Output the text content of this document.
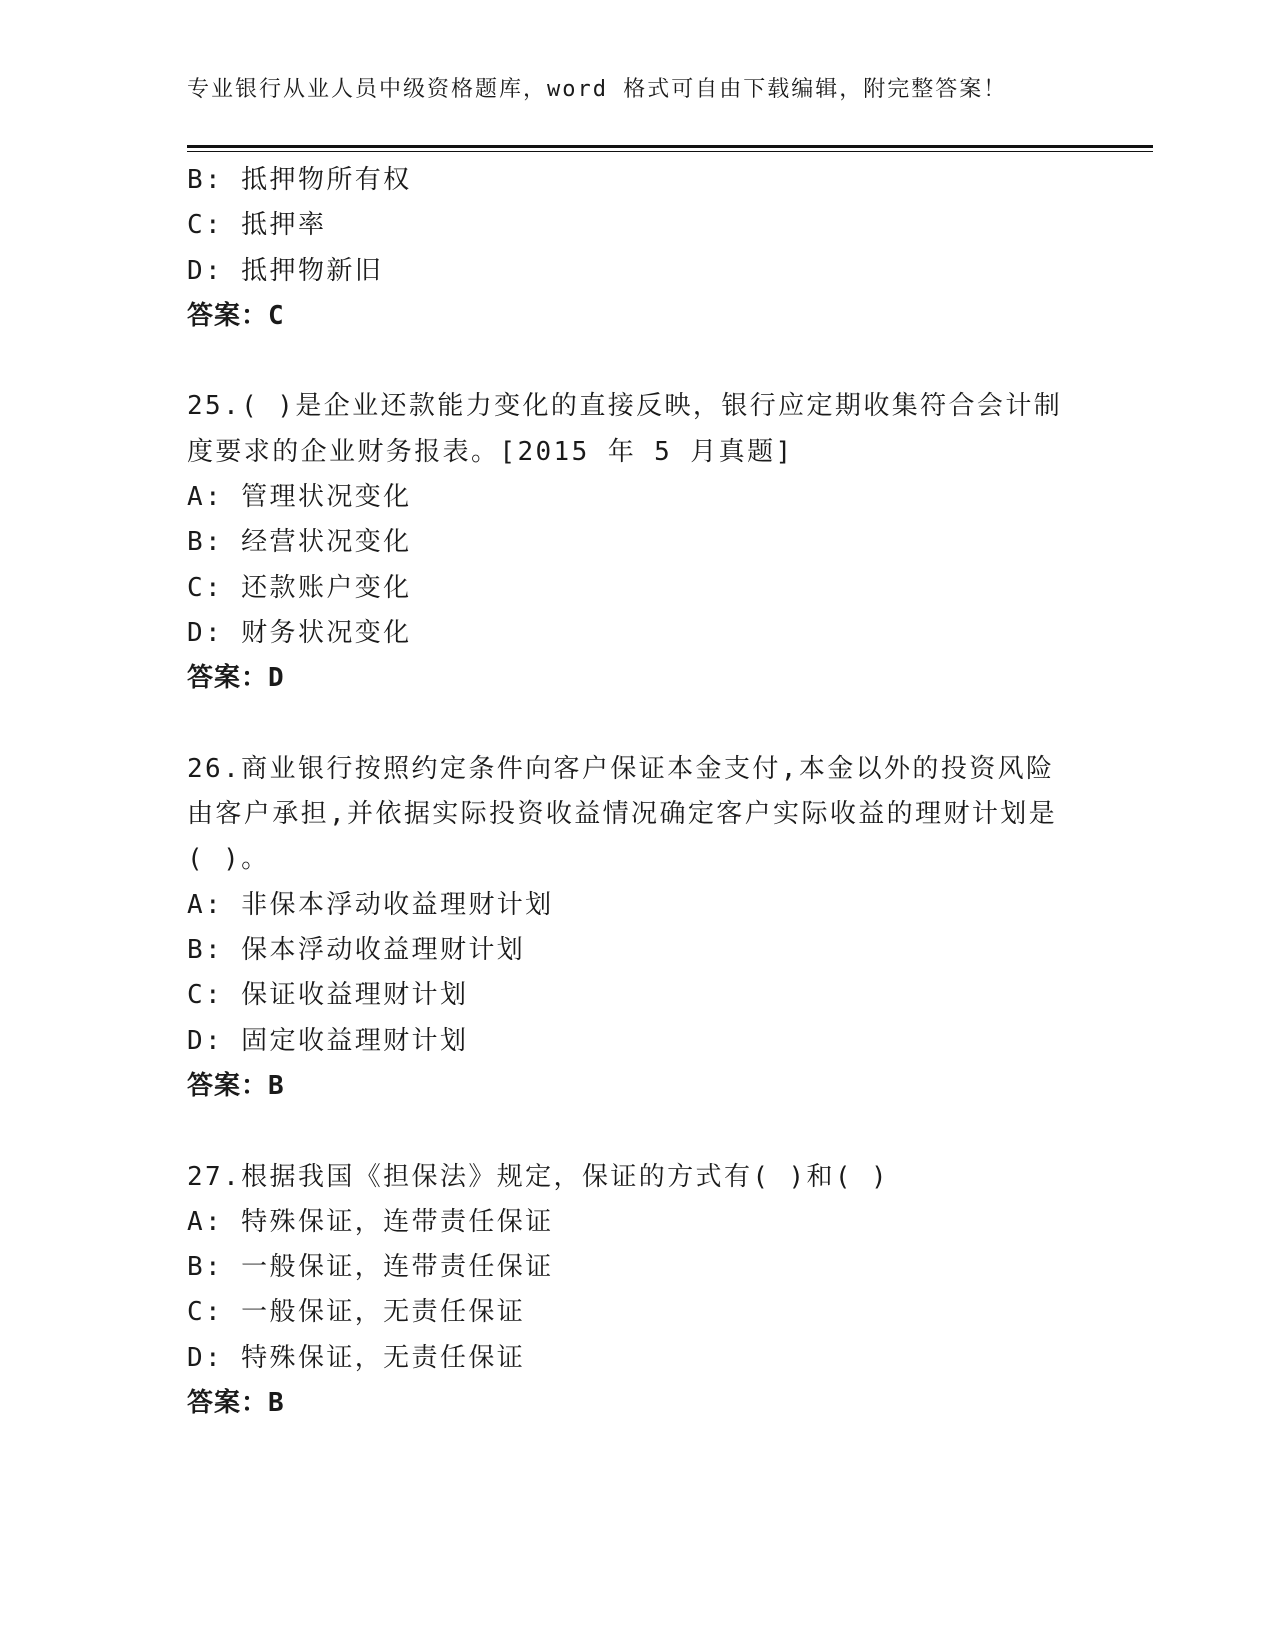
专业银行从业人员中级资格题库，word 格式可自由下载编辑，附完整答案！
B: 抵押物所有权
C: 抵押率
D: 抵押物新旧
答案：C
25.( )是企业还款能力变化的直接反映，银行应定期收集符合会计制
度要求的企业财务报表。[2015 年 5 月真题]
A: 管理状况变化
B: 经营状况变化
C: 还款账户变化
D: 财务状况变化
答案：D
26.商业银行按照约定条件向客户保证本金支付,本金以外的投资风险
由客户承担,并依据实际投资收益情况确定客户实际收益的理财计划是
( )。
A: 非保本浮动收益理财计划
B: 保本浮动收益理财计划
C: 保证收益理财计划
D: 固定收益理财计划
答案：B
27.根据我国《担保法》规定，保证的方式有( )和( )
A: 特殊保证，连带责任保证
B: 一般保证，连带责任保证
C: 一般保证，无责任保证
D: 特殊保证，无责任保证
答案：B
